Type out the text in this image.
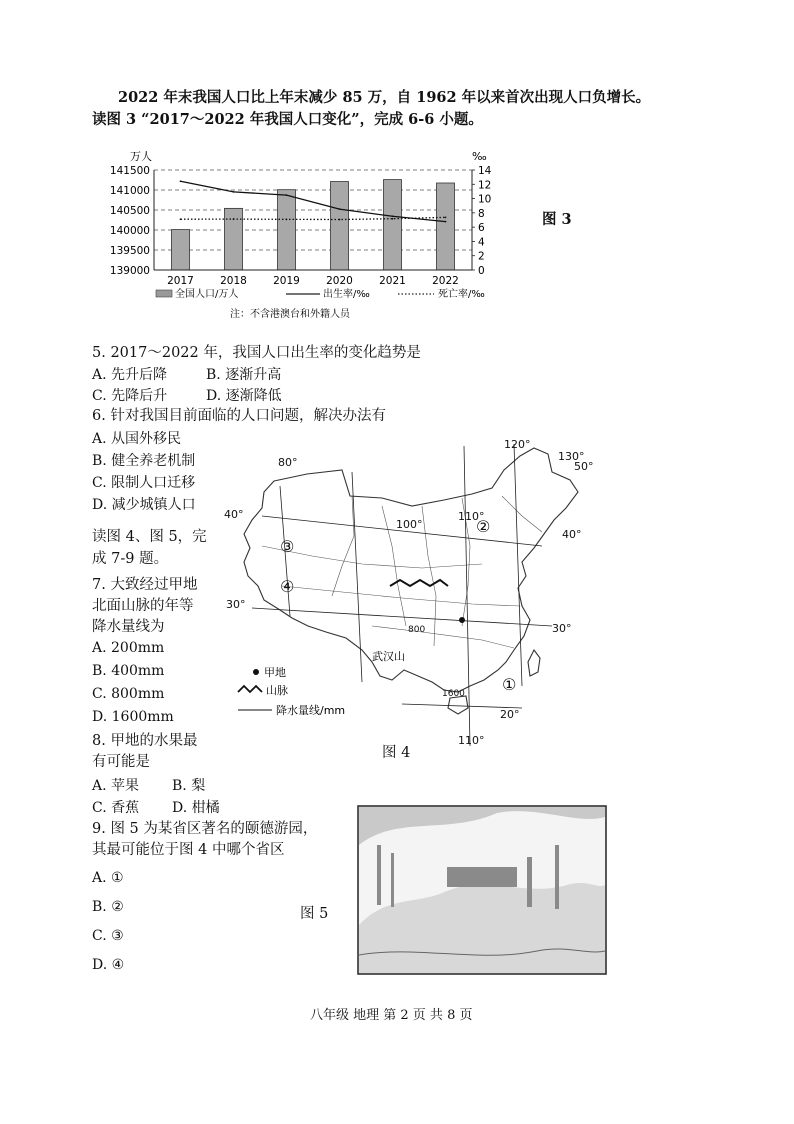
2022 年末我国人口比上年末减少 85 万，自 1962 年以来首次出现人口负增长。
读图 3 “2017～2022 年我国人口变化”，完成 6-6 小题。
万人	‰
141500
141000
140500
140000
139500
139000
14
12
10
8
6
4
2
0
2017	2018	2019	2020	2021	2022
全国人口/万人	出生率/‰	死亡率/‰
注：不含港澳台和外籍人员
图 3
5. 2017～2022 年，我国人口出生率的变化趋势是
A. 先升后降	B. 逐渐升高
C. 先降后升	D. 逐渐降低
6. 针对我国目前面临的人口问题，解决办法有
A. 从国外移民
B. 健全养老机制
C. 限制人口迁移
D. 减少城镇人口
读图 4、图 5，完
成 7-9 题。
7. 大致经过甲地
北面山脉的年等
降水量线为
A. 200mm
B. 400mm
C. 800mm
D. 1600mm
8. 甲地的水果最
有可能是
A. 苹果 B. 梨
C. 香蕉 D. 柑橘
9. 图 5 为某省区著名的颐德游园，
其最可能位于图 4 中哪个省区
A. ①
B. ②
C. ③
D. ④
80°
100°
110°
120°
130°
110°
40°
30°
50°
30°
20°
40°
1600
800
①
②
③
④
武汉山
甲地
山脉
降水量线/mm
图 4
图 5
八年级 地理 第 2 页 共 8 页
